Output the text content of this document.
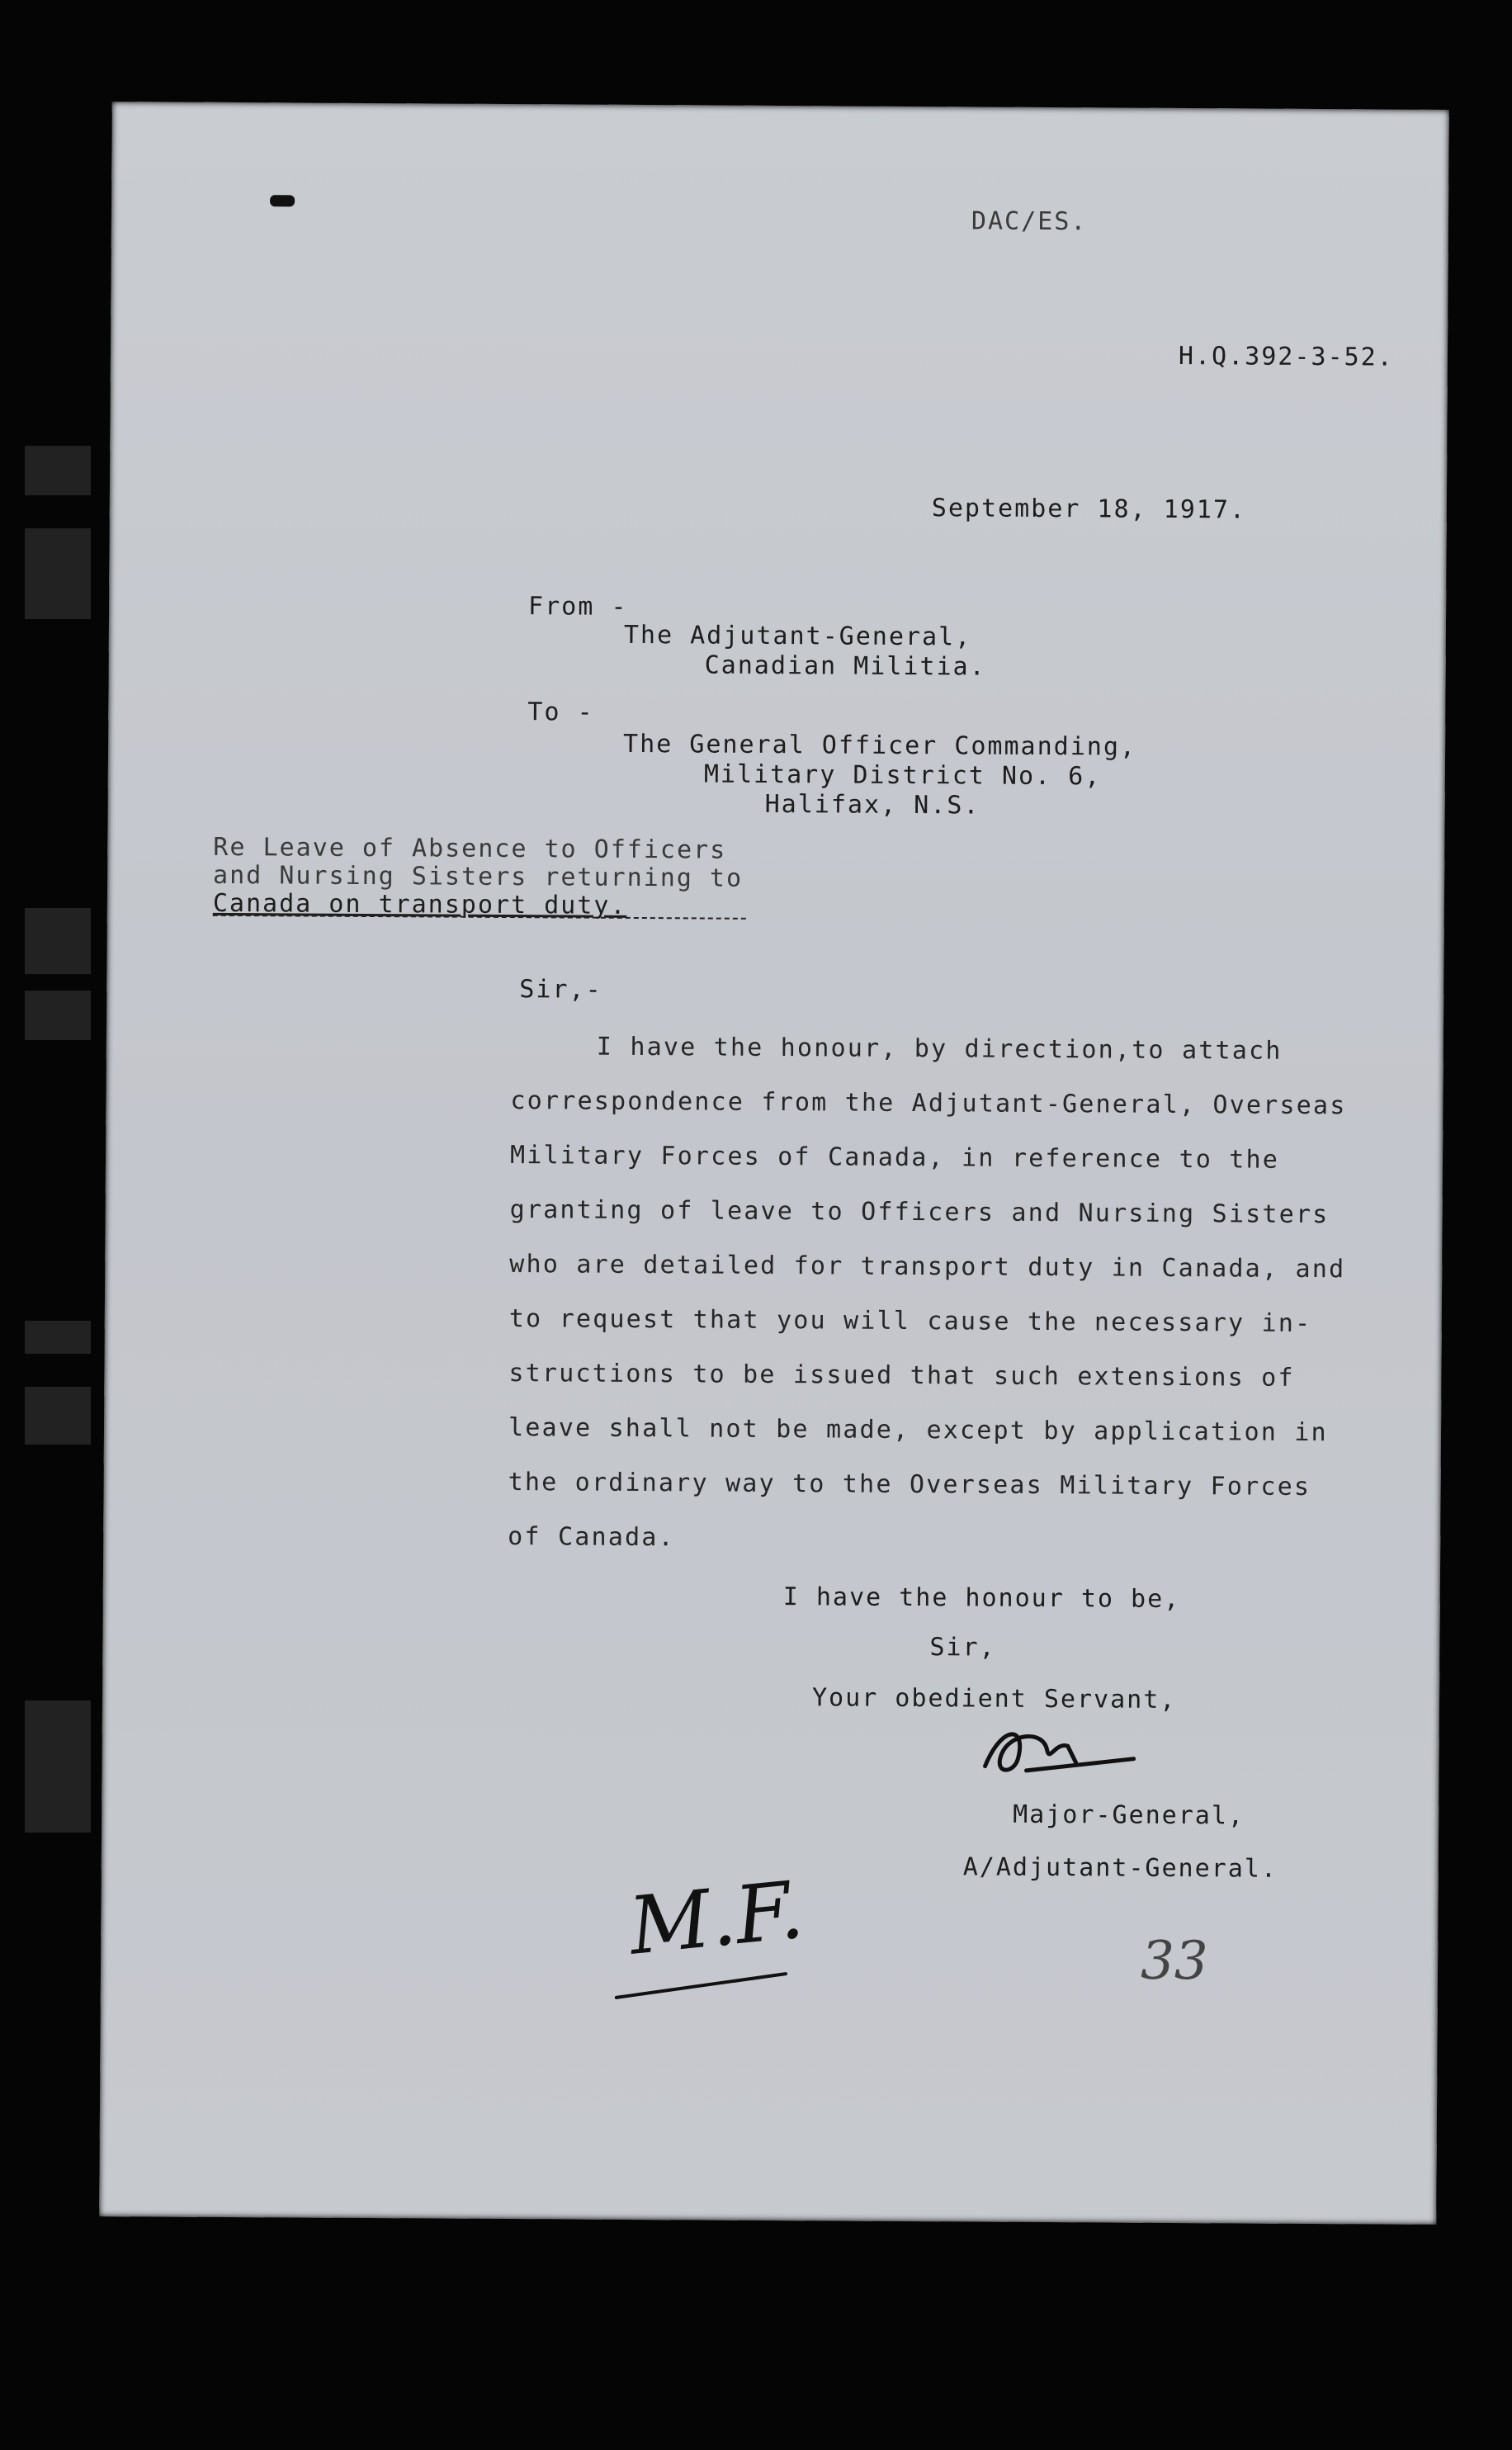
DAC/ES.
H.Q.392-3-52.
September 18, 1917.
From -
The Adjutant-General,
Canadian Militia.
To -
The General Officer Commanding,
Military District No. 6,
Halifax, N.S.
Re Leave of Absence to Officers
and Nursing Sisters returning to
Canada on transport duty.
Sir,-
I have the honour, by direction,to attach
correspondence from the Adjutant-General, Overseas
Military Forces of Canada, in reference to the
granting of leave to Officers and Nursing Sisters
who are detailed for transport duty in Canada, and
to request that you will cause the necessary in-
structions to be issued that such extensions of
leave shall not be made, except by application in
the ordinary way to the Overseas Military Forces
of Canada.
I have the honour to be,
Sir,
Your obedient Servant,
Major-General,
A/Adjutant-General.
M.F.	33
